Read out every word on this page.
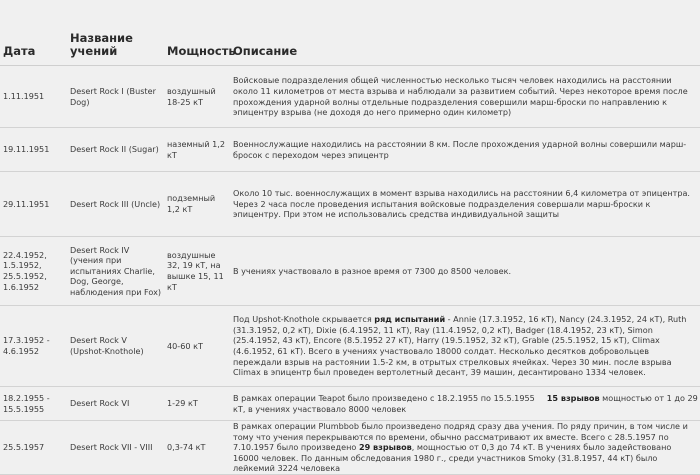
Дата	Название учений	Мощность	Описание
1.11.1951	Desert Rock I (Buster Dog)	воздушный 18-25 кТ	Войсковые подразделения общей численностью несколько тысяч человек находились на расстоянии около 11 километров от места взрыва и наблюдали за развитием событий. Через некоторое время после прохождения ударной волны отдельные подразделения совершили марш-броски по направлению к эпицентру взрыва (не доходя до него примерно один километр)
19.11.1951	Desert Rock II (Sugar)	наземный 1,2 кТ	Военнослужащие находились на расстоянии 8 км. После прохождения ударной волны совершили марш-бросок с переходом через эпицентр
29.11.1951	Desert Rock III (Uncle)	подземный 1,2 кТ	Около 10 тыс. военнослужащих в момент взрыва находились на расстоянии 6,4 километра от эпицентра. Через 2 часа после проведения испытания войсковые подразделения совершали марш-броски к эпицентру. При этом не использовались средства индивидуальной защиты
22.4.1952, 1.5.1952, 25.5.1952, 1.6.1952	Desert Rock IV (учения при испытаниях Charlie, Dog, George, наблюдения при Fox)	воздушные 32, 19 кТ, на вышке 15, 11 кТ	В учениях участвовало в разное время от 7300 до 8500 человек.
17.3.1952 - 4.6.1952	Desert Rock V (Upshot-Knothole)	40-60 кТ	Под Upshot-Knothole скрывается ряд испытаний - Annie (17.3.1952, 16 кТ), Nancy (24.3.1952, 24 кТ), Ruth (31.3.1952, 0,2 кТ), Dixie (6.4.1952, 11 кТ), Ray (11.4.1952, 0,2 кТ), Badger (18.4.1952, 23 кТ), Simon (25.4.1952, 43 кТ), Encore (8.5.1952 27 кТ), Harry (19.5.1952, 32 кТ), Grable (25.5.1952, 15 кТ), Climax (4.6.1952, 61 кТ). Всего в учениях участвовало 18000 солдат. Несколько десятков добровольцев переждали взрыв на растоянии 1.5-2 км, в отрытых стрелковых ячейках. Через 30 мин. после взрыва Climax в эпицентр был проведен вертолетный десант, 39 машин, десантировано 1334 человек.
18.2.1955 - 15.5.1955	Desert Rock VI	1-29 кТ	В рамках операции Teapot было произведено с 18.2.1955 по 15.5.1955 15 взрывов мощностью от 1 до 29 кТ, в учениях участвовало 8000 человек
25.5.1957	Desert Rock VII - VIII	0,3-74 кТ	В рамках операции Plumbbob было произведено подряд сразу два учения. По ряду причин, в том числе и тому что учения перекрываются по времени, обычно рассматривают их вместе. Всего с 28.5.1957 по 7.10.1957 было произведено 29 взрывов, мощностью от 0,3 до 74 кТ. В учениях было задействовано 16000 человек. По данным обследования 1980 г., среди участников Smoky (31.8.1957, 44 кТ) было лейкемий 3224 человека
